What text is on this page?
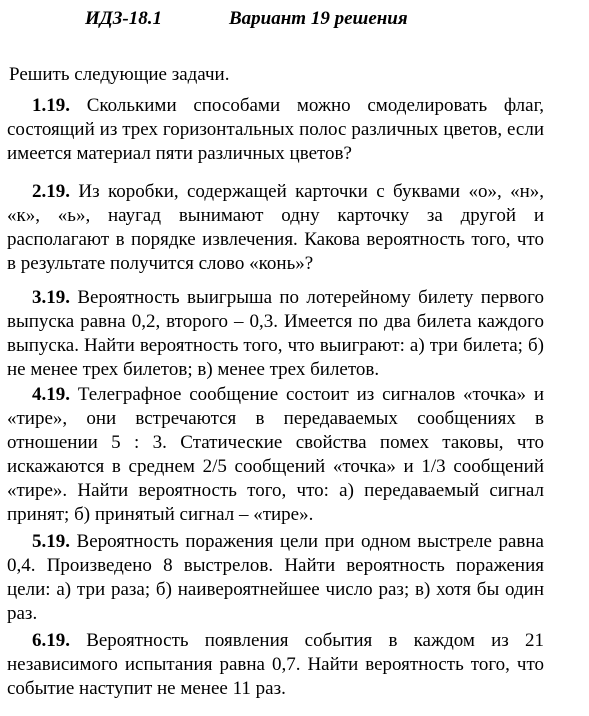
ИДЗ-18.1	Вариант 19 решения
Решить следующие задачи.

1.19. Сколькими способами можно смоделировать флаг, состоящий из трех горизонтальных полос различных цветов, если имеется материал пяти различных цветов?

2.19. Из коробки, содержащей карточки с буквами «о», «н», «к», «ь», наугад вынимают одну карточку за другой и располагают в порядке извлечения. Какова вероятность того, что в результате получится слово «конь»?

3.19. Вероятность выигрыша по лотерейному билету первого выпуска равна 0,2, второго – 0,3. Имеется по два билета каждого выпуска. Найти вероятность того, что выиграют: а) три билета; б) не менее трех билетов; в) менее трех билетов.

4.19. Телеграфное сообщение состоит из сигналов «точка» и «тире», они встречаются в передаваемых сообщениях в отношении 5 : 3. Статические свойства помех таковы, что искажаются в среднем 2/5 сообщений «точка» и 1/3 сообщений «тире». Найти вероятность того, что: а) передаваемый сигнал принят; б) принятый сигнал – «тире».

5.19. Вероятность поражения цели при одном выстреле равна 0,4. Произведено 8 выстрелов. Найти вероятность поражения цели: а) три раза; б) наивероятнейшее число раз; в) хотя бы один раз.

6.19. Вероятность появления события в каждом из 21 независимого испытания равна 0,7. Найти вероятность того, что событие наступит не менее 11 раз.
